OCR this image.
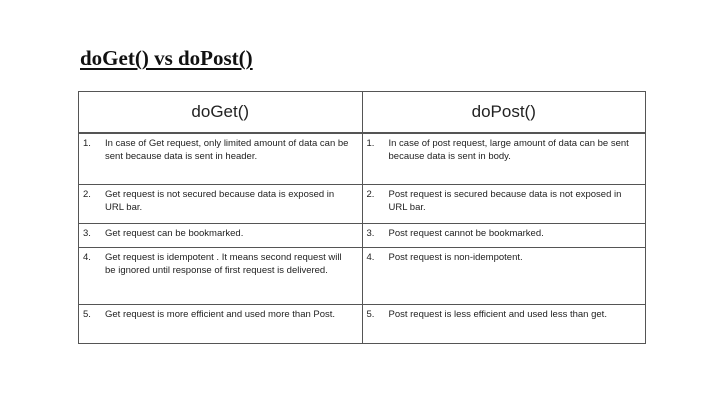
doGet() vs doPost()
doGet()	doPost()

1. In case of Get request, only limited amount of data can be sent because data is sent in header.	1. In case of post request, large amount of data can be sent because data is sent in body.

2. Get request is not secured because data is exposed in URL bar.	2. Post request is secured because data is not exposed in URL bar.

3. Get request can be bookmarked.	3. Post request cannot be bookmarked.

4. Get request is idempotent . It means second request will be ignored until response of first request is delivered.	4. Post request is non-idempotent.

5. Get request is more efficient and used more than Post.	5. Post request is less efficient and used less than get.
